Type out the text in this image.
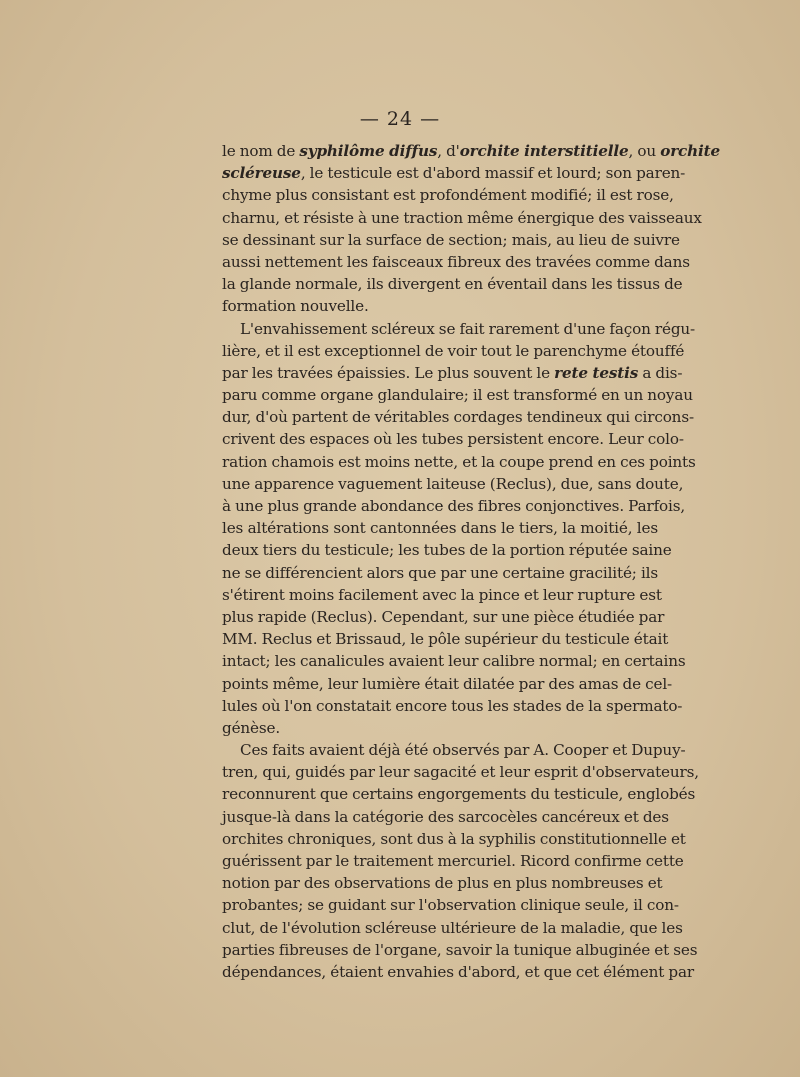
— 24 —
le nom de syphilôme diffus, d'orchite interstitielle, ou orchite
scléreuse, le testicule est d'abord massif et lourd; son paren-
chyme plus consistant est profondément modifié; il est rose,
charnu, et résiste à une traction même énergique des vaisseaux
se dessinant sur la surface de section; mais, au lieu de suivre
aussi nettement les faisceaux fibreux des travées comme dans
la glande normale, ils divergent en éventail dans les tissus de
formation nouvelle.
L'envahissement scléreux se fait rarement d'une façon régu-
lière, et il est exceptionnel de voir tout le parenchyme étouffé
par les travées épaissies. Le plus souvent le rete testis a dis-
paru comme organe glandulaire; il est transformé en un noyau
dur, d'où partent de véritables cordages tendineux qui circons-
crivent des espaces où les tubes persistent encore. Leur colo-
ration chamois est moins nette, et la coupe prend en ces points
une apparence vaguement laiteuse (Reclus), due, sans doute,
à une plus grande abondance des fibres conjonctives. Parfois,
les altérations sont cantonnées dans le tiers, la moitié, les
deux tiers du testicule; les tubes de la portion réputée saine
ne se différencient alors que par une certaine gracilité; ils
s'étirent moins facilement avec la pince et leur rupture est
plus rapide (Reclus). Cependant, sur une pièce étudiée par
MM. Reclus et Brissaud, le pôle supérieur du testicule était
intact; les canalicules avaient leur calibre normal; en certains
points même, leur lumière était dilatée par des amas de cel-
lules où l'on constatait encore tous les stades de la spermato-
génèse.
Ces faits avaient déjà été observés par A. Cooper et Dupuy-
tren, qui, guidés par leur sagacité et leur esprit d'observateurs,
reconnurent que certains engorgements du testicule, englobés
jusque-là dans la catégorie des sarcocèles cancéreux et des
orchites chroniques, sont dus à la syphilis constitutionnelle et
guérissent par le traitement mercuriel. Ricord confirme cette
notion par des observations de plus en plus nombreuses et
probantes; se guidant sur l'observation clinique seule, il con-
clut, de l'évolution scléreuse ultérieure de la maladie, que les
parties fibreuses de l'organe, savoir la tunique albuginée et ses
dépendances, étaient envahies d'abord, et que cet élément par
